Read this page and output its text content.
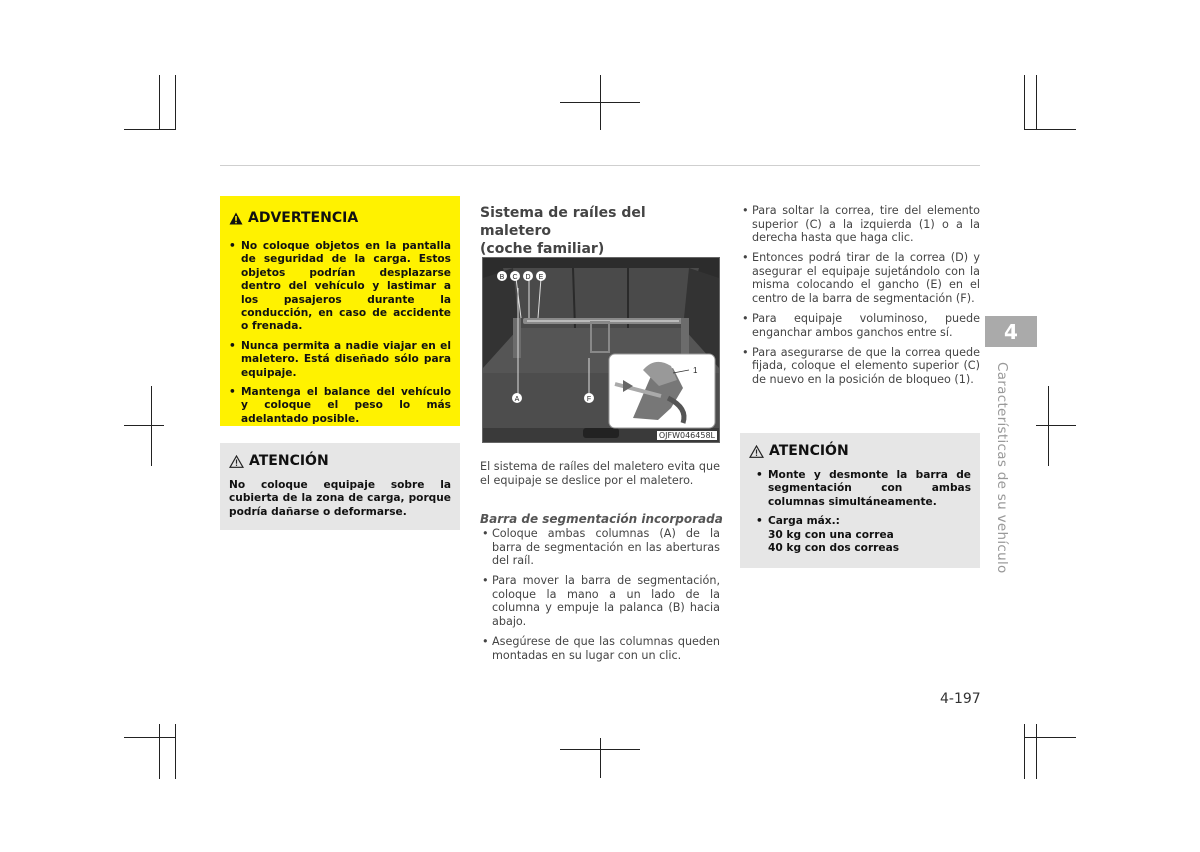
ADVERTENCIA
• No coloque objetos en la pantalla de seguridad de la carga. Estos objetos podrían desplazarse dentro del vehículo y lastimar a los pasajeros durante la conducción, en caso de accidente o frenada.
• Nunca permita a nadie viajar en el maletero. Está diseñado sólo para equipaje.
• Mantenga el balance del vehículo y coloque el peso lo más adelantado posible.
ATENCIÓN

No coloque equipaje sobre la cubierta de la zona de carga, porque podría dañarse o deformarse.

Sistema de raíles del maletero

(coche familiar)

B C D E
A	F
1
OJFW046458L

El sistema de raíles del maletero evita que el equipaje se deslice por el maletero.

Barra de segmentación incorporada

• Coloque ambas columnas (A) de la barra de segmentación en las aberturas del raíl.
• Para mover la barra de segmentación, coloque la mano a un lado de la columna y empuje la palanca (B) hacia abajo.
• Asegúrese de que las columnas queden montadas en su lugar con un clic.
• Para soltar la correa, tire del elemento superior (C) a la izquierda (1) o a la derecha hasta que haga clic.
• Entonces podrá tirar de la correa (D) y asegurar el equipaje sujetándolo con la misma colocando el gancho (E) en el centro de la barra de segmentación (F).
• Para equipaje voluminoso, puede enganchar ambos ganchos entre sí.
• Para asegurarse de que la correa quede fijada, coloque el elemento superior (C) de nuevo en la posición de bloqueo (1).
ATENCIÓN
• Monte y desmonte la barra de segmentación con ambas columnas simultáneamente.
• Carga máx.:
30 kg con una correa
40 kg con dos correas
4
Características de su vehículo
4-197
